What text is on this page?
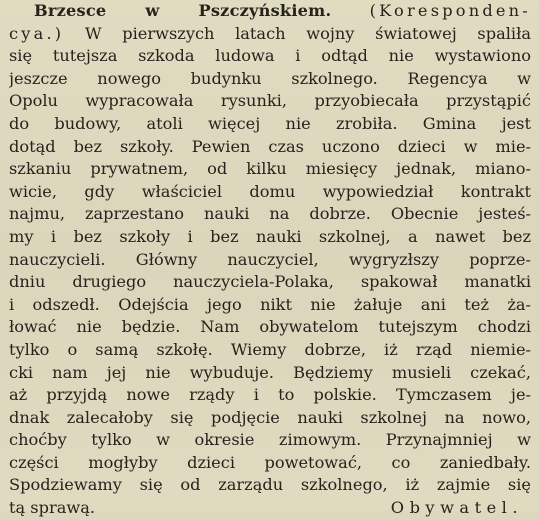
Brzesce w Pszczyńskiem. (Koresponden-
cya.) W pierwszych latach wojny światowej spaliła
się tutejsza szkoda ludowa i odtąd nie wystawiono
jeszcze nowego budynku szkolnego. Regencya w
Opolu wypracowała rysunki, przyobiecała przystąpić
do budowy, atoli więcej nie zrobiła. Gmina jest
dotąd bez szkoły. Pewien czas uczono dzieci w mie-
szkaniu prywatnem, od kilku miesięcy jednak, miano-
wicie, gdy właściciel domu wypowiedział kontrakt
najmu, zaprzestano nauki na dobrze. Obecnie jesteś-
my i bez szkoły i bez nauki szkolnej, a nawet bez
nauczycieli. Główny nauczyciel, wygryzłszy poprze-
dniu drugiego nauczyciela-Polaka, spakował manatki
i odszedł. Odejścia jego nikt nie żałuje ani też ża-
łować nie będzie. Nam obywatelom tutejszym chodzi
tylko o samą szkołę. Wiemy dobrze, iż rząd niemie-
cki nam jej nie wybuduje. Będziemy musieli czekać,
aż przyjdą nowe rządy i to polskie. Tymczasem je-
dnak zalecałoby się podjęcie nauki szkolnej na nowo,
choćby tylko w okresie zimowym. Przynajmniej w
części mogłyby dzieci powetować, co zaniedbały.
Spodziewamy się od zarządu szkolnego, iż zajmie się
tą sprawą.	Obywatel.
